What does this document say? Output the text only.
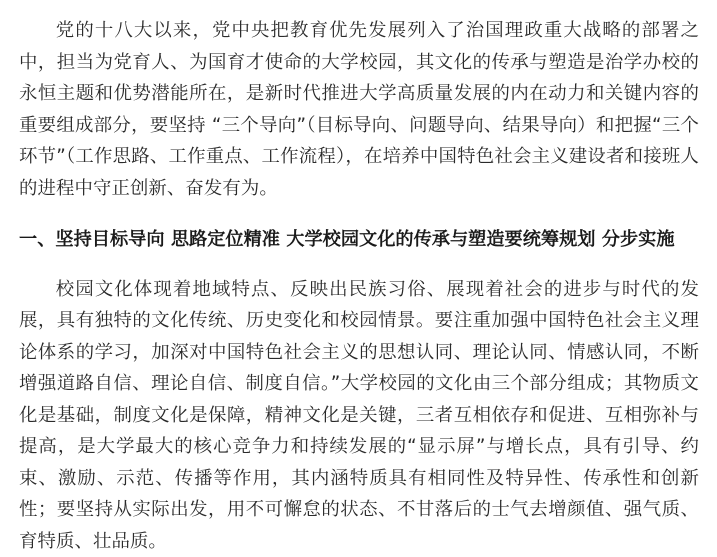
党的十八大以来，党中央把教育优先发展列入了治国理政重大战略的部署之中，担当为党育人、为国育才使命的大学校园，其文化的传承与塑造是治学办校的永恒主题和优势潜能所在，是新时代推进大学高质量发展的内在动力和关键内容的重要组成部分，要坚持 “三个导向”（目标导向、问题导向、结果导向）和把握“三个环节”（工作思路、工作重点、工作流程），在培养中国特色社会主义建设者和接班人的进程中守正创新、奋发有为。

一、坚持目标导向 思路定位精准 大学校园文化的传承与塑造要统筹规划 分步实施

校园文化体现着地域特点、反映出民族习俗、展现着社会的进步与时代的发展，具有独特的文化传统、历史变化和校园情景。要注重加强中国特色社会主义理论体系的学习，加深对中国特色社会主义的思想认同、理论认同、情感认同，不断增强道路自信、理论自信、制度自信。”大学校园的文化由三个部分组成；其物质文化是基础，制度文化是保障，精神文化是关键，三者互相依存和促进、互相弥补与提高，是大学最大的核心竞争力和持续发展的“显示屏”与增长点，具有引导、约束、激励、示范、传播等作用，其内涵特质具有相同性及特异性、传承性和创新性；要坚持从实际出发，用不可懈怠的状态、不甘落后的士气去增颜值、强气质、育特质、壮品质。
